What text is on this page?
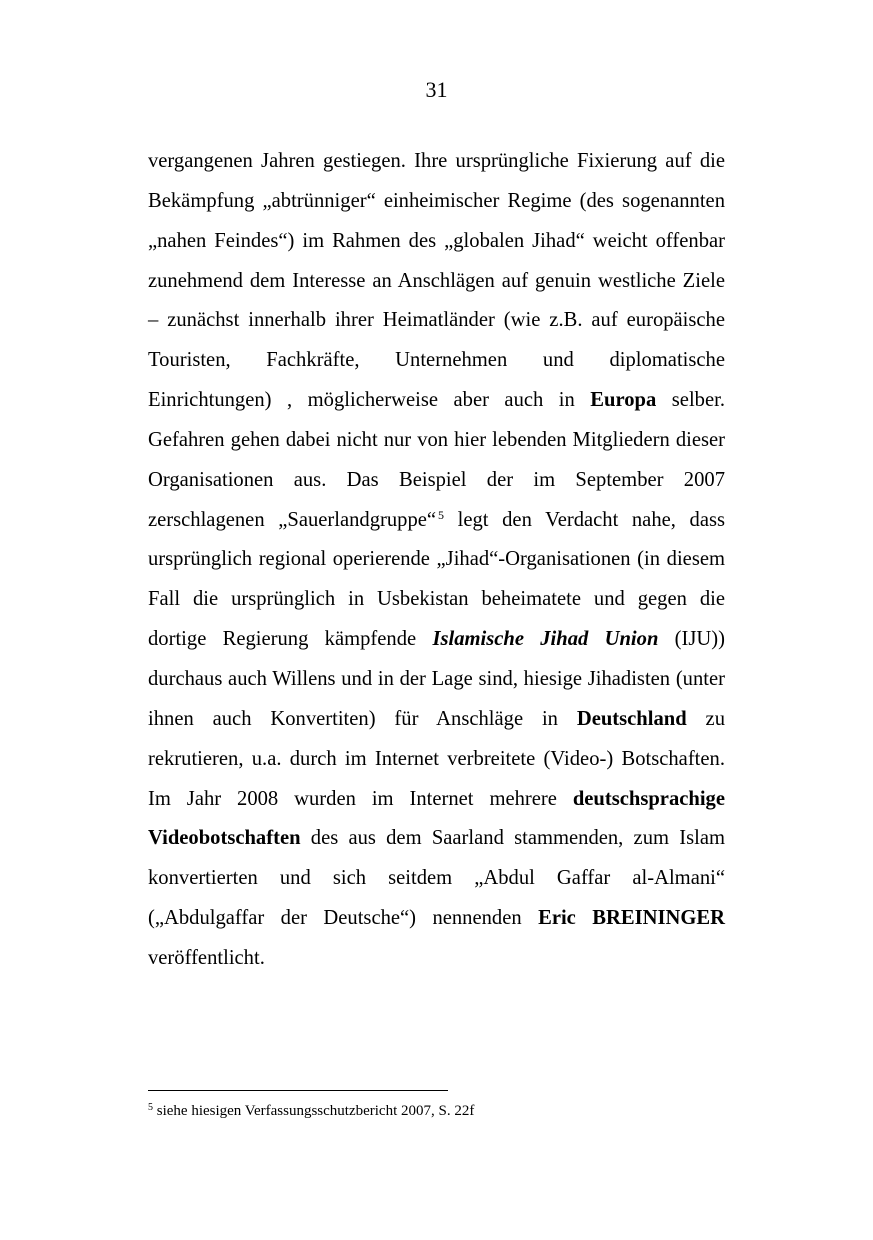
31

vergangenen Jahren gestiegen. Ihre ursprüngliche Fixierung auf die Bekämpfung „abtrünniger“ einheimischer Regime (des sogenannten „nahen Feindes“) im Rahmen des „globalen Jihad“ weicht offenbar zunehmend dem Interesse an Anschlägen auf genuin westliche Ziele – zunächst innerhalb ihrer Heimatländer (wie z.B. auf europäische Touristen, Fachkräfte, Unternehmen und diplomatische Einrichtungen) , möglicherweise aber auch in Europa selber. Gefahren gehen dabei nicht nur von hier lebenden Mitgliedern dieser Organisationen aus. Das Beispiel der im September 2007 zerschlagenen „Sauerlandgruppe“ $^5$ legt den Verdacht nahe, dass ursprünglich regional operierende „Jihad“-Organisationen (in diesem Fall die ursprünglich in Usbekistan beheimatete und gegen die dortige Regierung kämpfende Islamische Jihad Union (IJU)) durchaus auch Willens und in der Lage sind, hiesige Jihadisten (unter ihnen auch Konvertiten) für Anschläge in Deutschland zu rekrutieren, u.a. durch im Internet verbreitete (Video-) Botschaften. Im Jahr 2008 wurden im Internet mehrere deutschsprachige Videobotschaften des aus dem Saarland stammenden, zum Islam konvertierten und sich seitdem „Abdul Gaffar al-Almani“ („Abdulgaffar der Deutsche“) nennenden Eric BREININGER veröffentlicht.

$^5$ siehe hiesigen Verfassungsschutzbericht 2007, S. 22f
